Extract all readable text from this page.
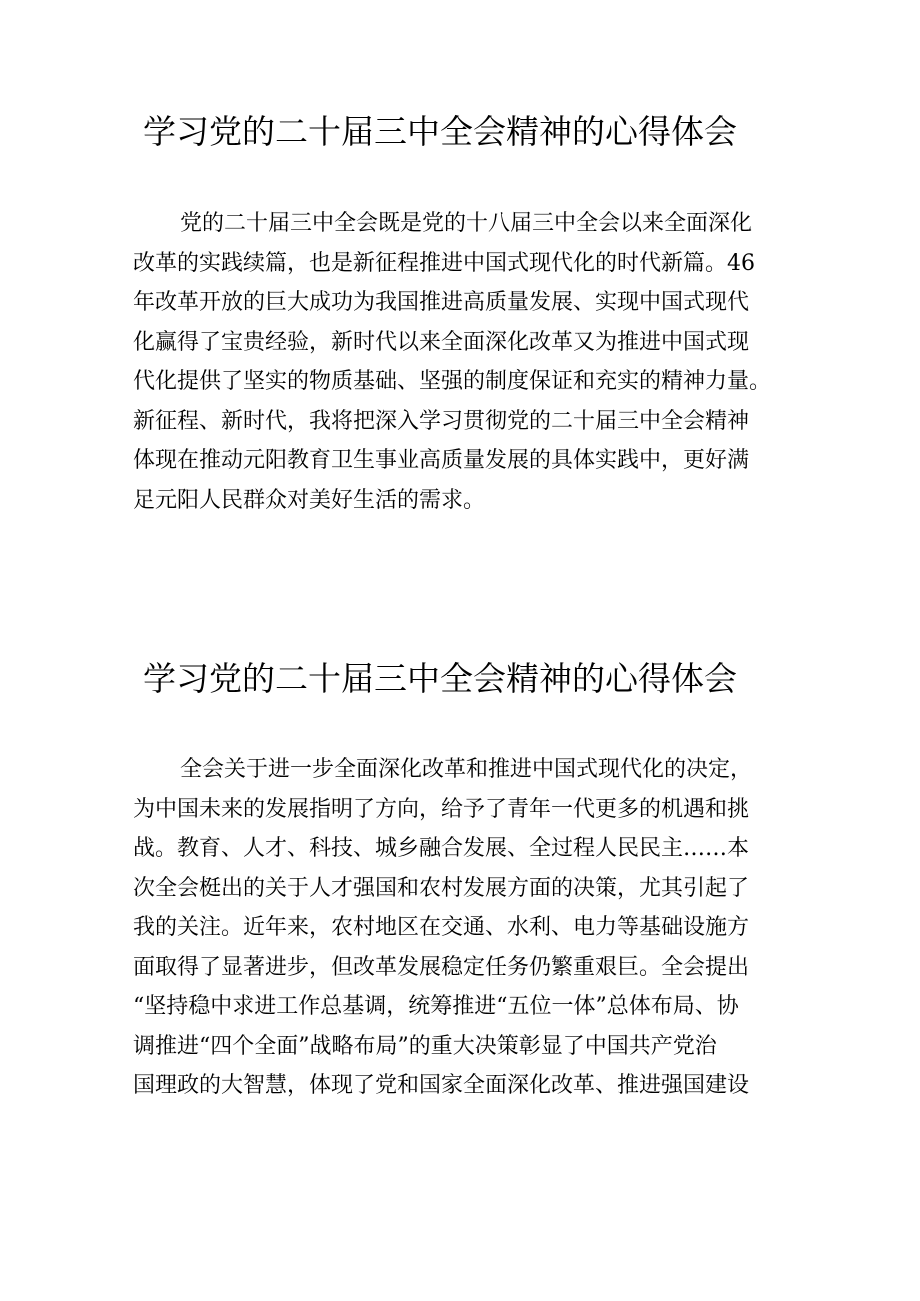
学习党的二十届三中全会精神的心得体会
党的二十届三中全会既是党的十八届三中全会以来全面深化
改革的实践续篇，也是新征程推进中国式现代化的时代新篇。46
年改革开放的巨大成功为我国推进高质量发展、实现中国式现代
化赢得了宝贵经验，新时代以来全面深化改革又为推进中国式现
代化提供了坚实的物质基础、坚强的制度保证和充实的精神力量。
新征程、新时代，我将把深入学习贯彻党的二十届三中全会精神
体现在推动元阳教育卫生事业高质量发展的具体实践中，更好满
足元阳人民群众对美好生活的需求。
学习党的二十届三中全会精神的心得体会
全会关于进一步全面深化改革和推进中国式现代化的决定，
为中国未来的发展指明了方向，给予了青年一代更多的机遇和挑
战。教育、人才、科技、城乡融合发展、全过程人民民主……本
次全会梃出的关于人才强国和农村发展方面的决策，尤其引起了
我的关注。近年来，农村地区在交通、水利、电力等基础设施方
面取得了显著进步，但改革发展稳定任务仍繁重艰巨。全会提出
“坚持稳中求进工作总基调，统筹推进“五位一体”总体布局、协
调推进“四个全面”战略布局”的重大决策彰显了中国共产党治
国理政的大智慧，体现了党和国家全面深化改革、推进强国建设
